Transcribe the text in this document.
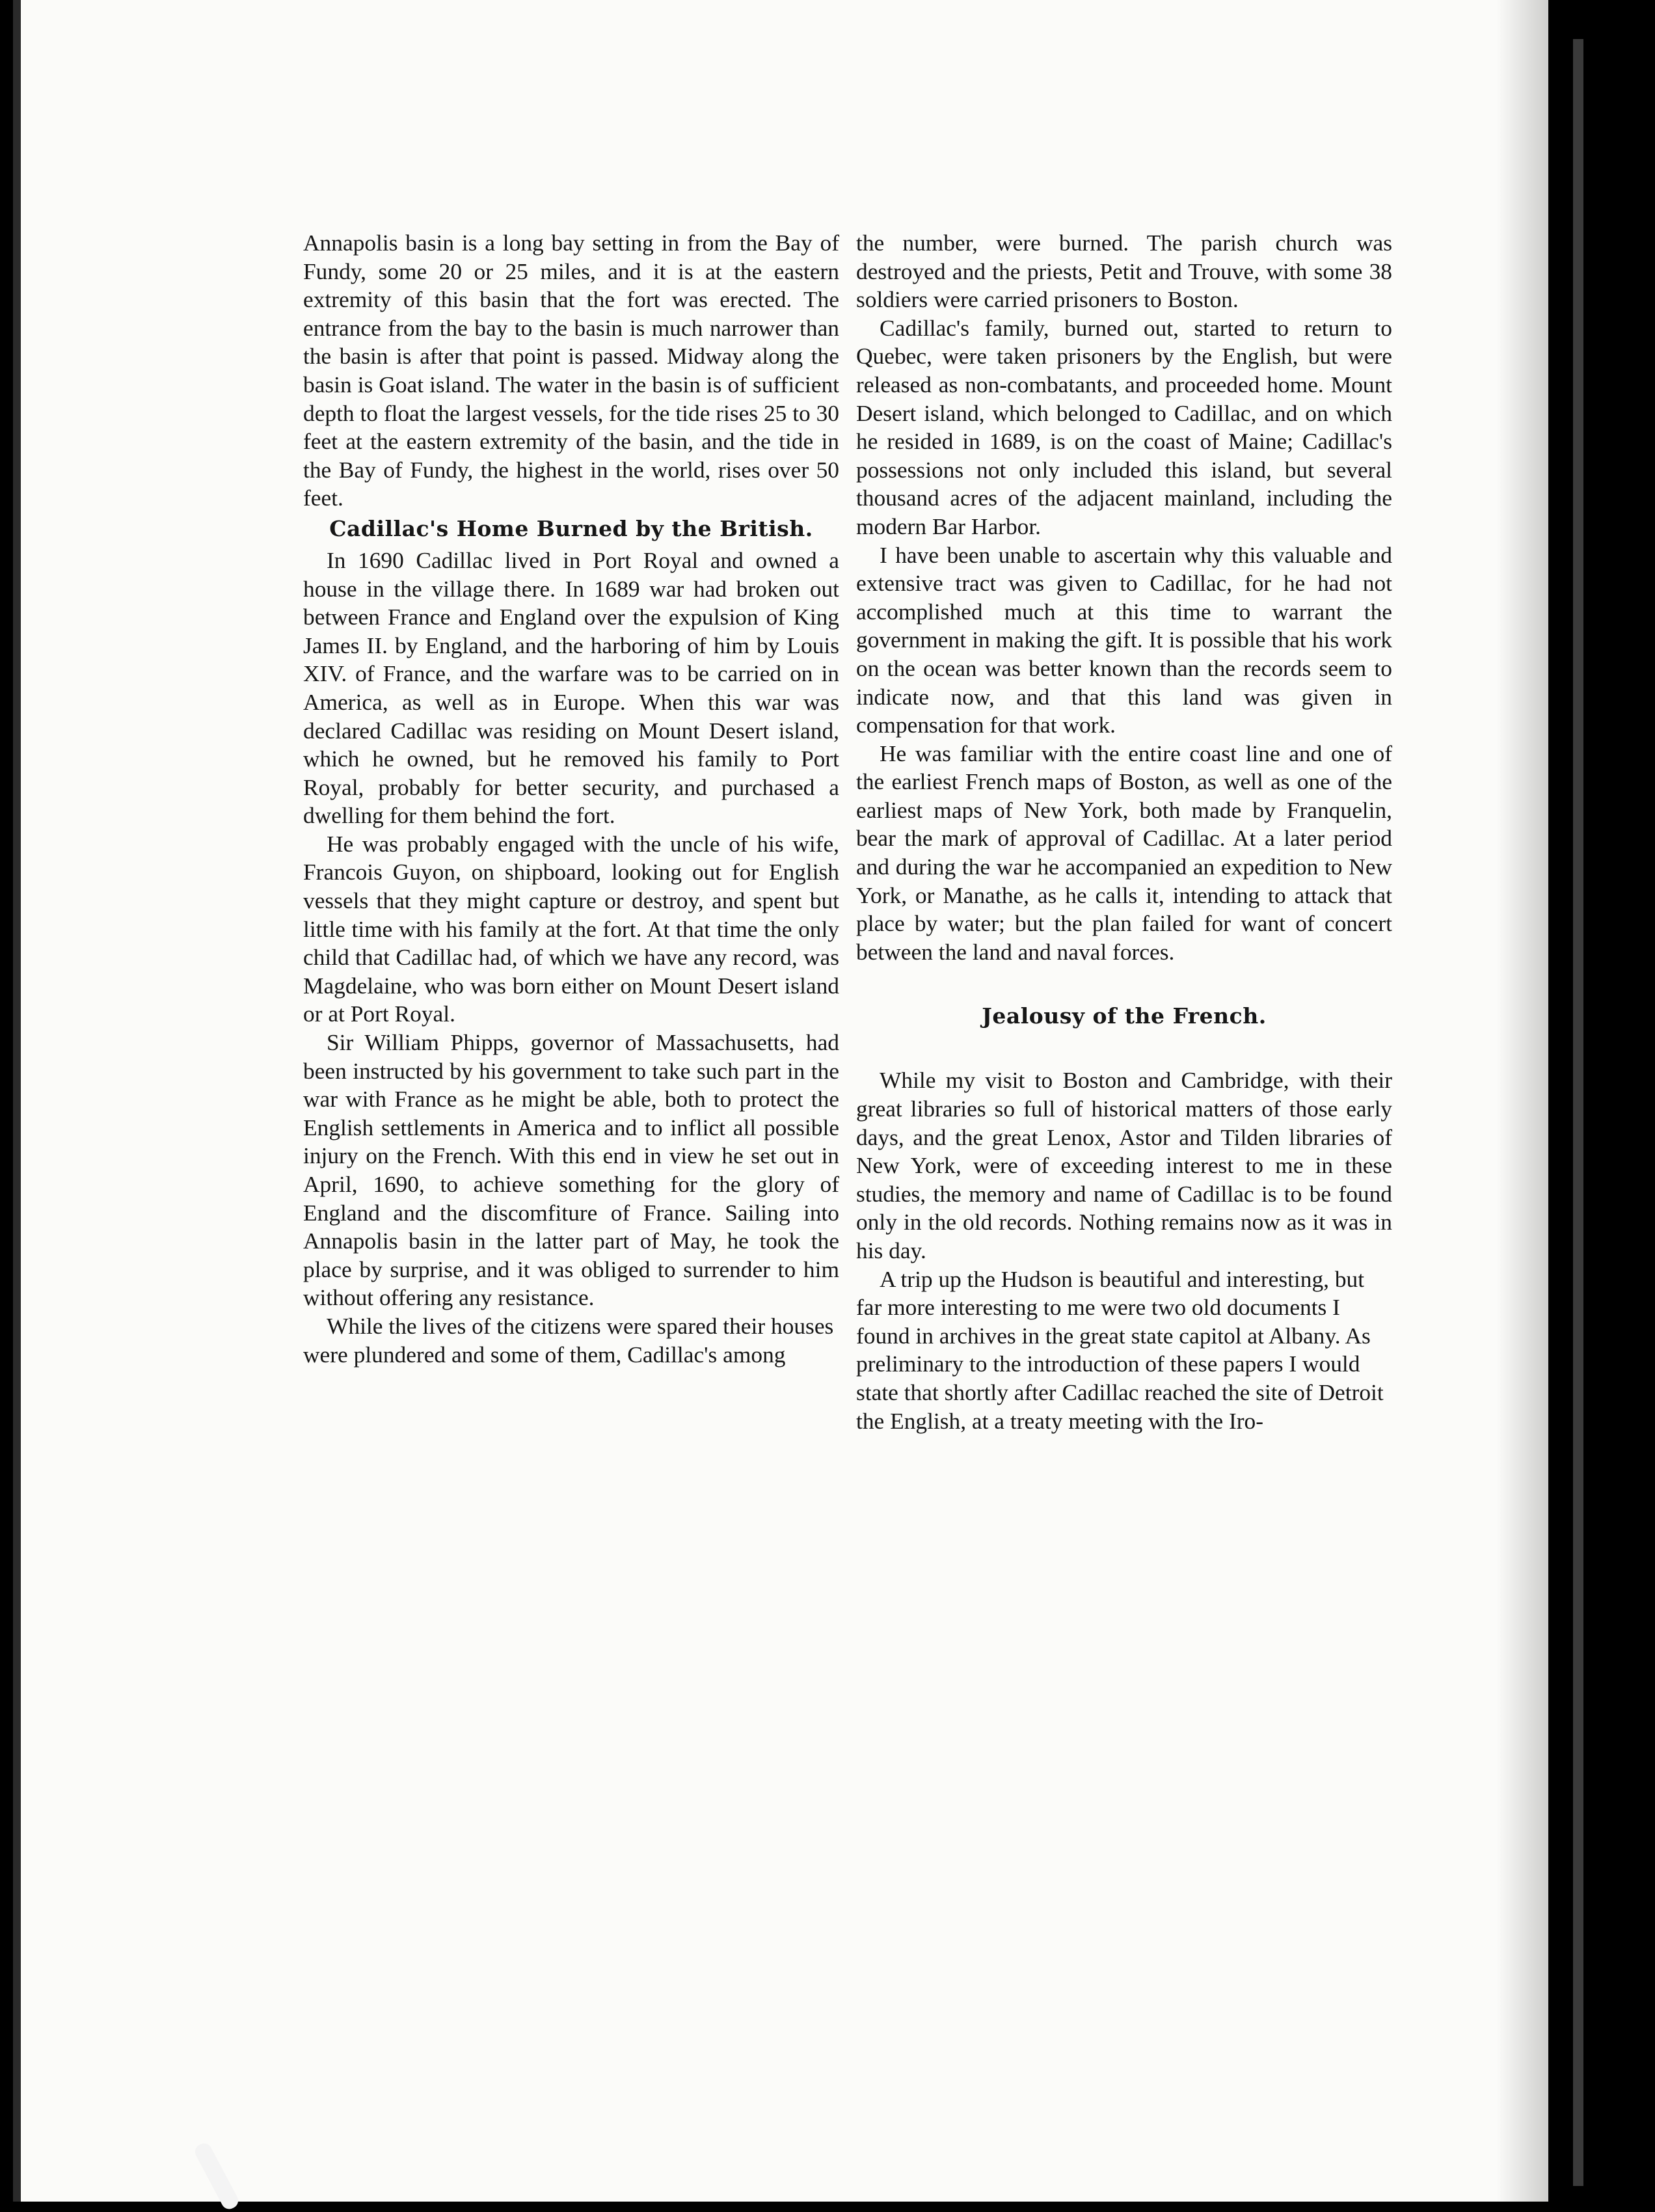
Annapolis basin is a long bay setting in from the Bay of Fundy, some 20 or 25 miles, and it is at the eastern extremity of this basin that the fort was erected. The entrance from the bay to the basin is much narrower than the basin is after that point is passed. Midway along the basin is Goat island. The water in the basin is of sufficient depth to float the largest vessels, for the tide rises 25 to 30 feet at the eastern extremity of the basin, and the tide in the Bay of Fundy, the highest in the world, rises over 50 feet.

Cadillac's Home Burned by the British.

In 1690 Cadillac lived in Port Royal and owned a house in the village there. In 1689 war had broken out between France and England over the expulsion of King James II. by England, and the harboring of him by Louis XIV. of France, and the warfare was to be carried on in America, as well as in Europe. When this war was declared Cadillac was residing on Mount Desert island, which he owned, but he removed his family to Port Royal, probably for better security, and purchased a dwelling for them behind the fort.

He was probably engaged with the uncle of his wife, Francois Guyon, on shipboard, looking out for English vessels that they might capture or destroy, and spent but little time with his family at the fort. At that time the only child that Cadillac had, of which we have any record, was Magdelaine, who was born either on Mount Desert island or at Port Royal.

Sir William Phipps, governor of Massachusetts, had been instructed by his government to take such part in the war with France as he might be able, both to protect the English settlements in America and to inflict all possible injury on the French. With this end in view he set out in April, 1690, to achieve something for the glory of England and the discomfiture of France. Sailing into Annapolis basin in the latter part of May, he took the place by surprise, and it was obliged to surrender to him without offering any resistance.

While the lives of the citizens were spared their houses were plundered and some of them, Cadillac's among

the number, were burned. The parish church was destroyed and the priests, Petit and Trouve, with some 38 soldiers were carried prisoners to Boston.

Cadillac's family, burned out, started to return to Quebec, were taken prisoners by the English, but were released as non-combatants, and proceeded home. Mount Desert island, which belonged to Cadillac, and on which he resided in 1689, is on the coast of Maine; Cadillac's possessions not only included this island, but several thousand acres of the adjacent mainland, including the modern Bar Harbor.

I have been unable to ascertain why this valuable and extensive tract was given to Cadillac, for he had not accomplished much at this time to warrant the government in making the gift. It is possible that his work on the ocean was better known than the records seem to indicate now, and that this land was given in compensation for that work.

He was familiar with the entire coast line and one of the earliest French maps of Boston, as well as one of the earliest maps of New York, both made by Franquelin, bear the mark of approval of Cadillac. At a later period and during the war he accompanied an expedition to New York, or Manathe, as he calls it, intending to attack that place by water; but the plan failed for want of concert between the land and naval forces.

Jealousy of the French.

While my visit to Boston and Cambridge, with their great libraries so full of historical matters of those early days, and the great Lenox, Astor and Tilden libraries of New York, were of exceeding interest to me in these studies, the memory and name of Cadillac is to be found only in the old records. Nothing remains now as it was in his day.

A trip up the Hudson is beautiful and interesting, but far more interesting to me were two old documents I found in archives in the great state capitol at Albany. As preliminary to the introduction of these papers I would state that shortly after Cadillac reached the site of Detroit the English, at a treaty meeting with the Iro-
